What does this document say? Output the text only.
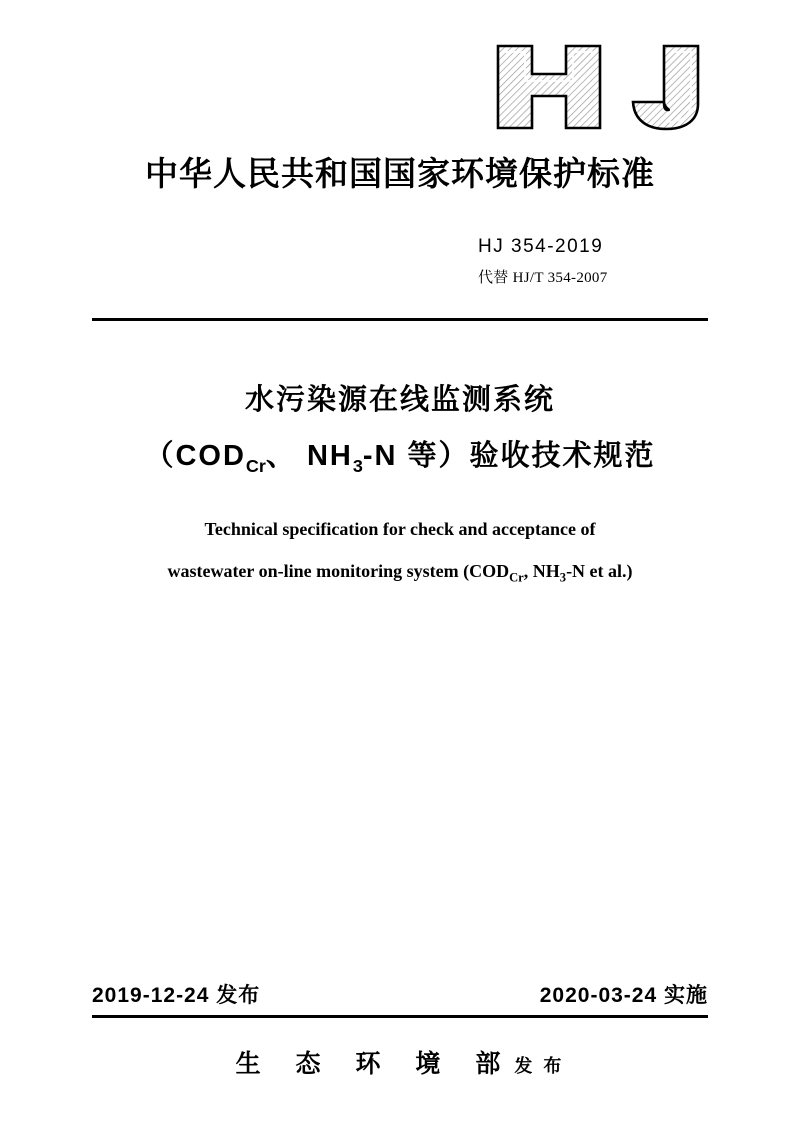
中华人民共和国国家环境保护标准
HJ 354-2019
代替 HJ/T 354-2007
水污染源在线监测系统
（$COD_{Cr}$、 $NH_3-N$ 等）验收技术规范
Technical specification for check and acceptance of
wastewater on-line monitoring system ($COD_{Cr}$, $NH_3-N$ et al.)
2019-12-24 发布	2020-03-24 实施
生 态 环 境 部发 布
